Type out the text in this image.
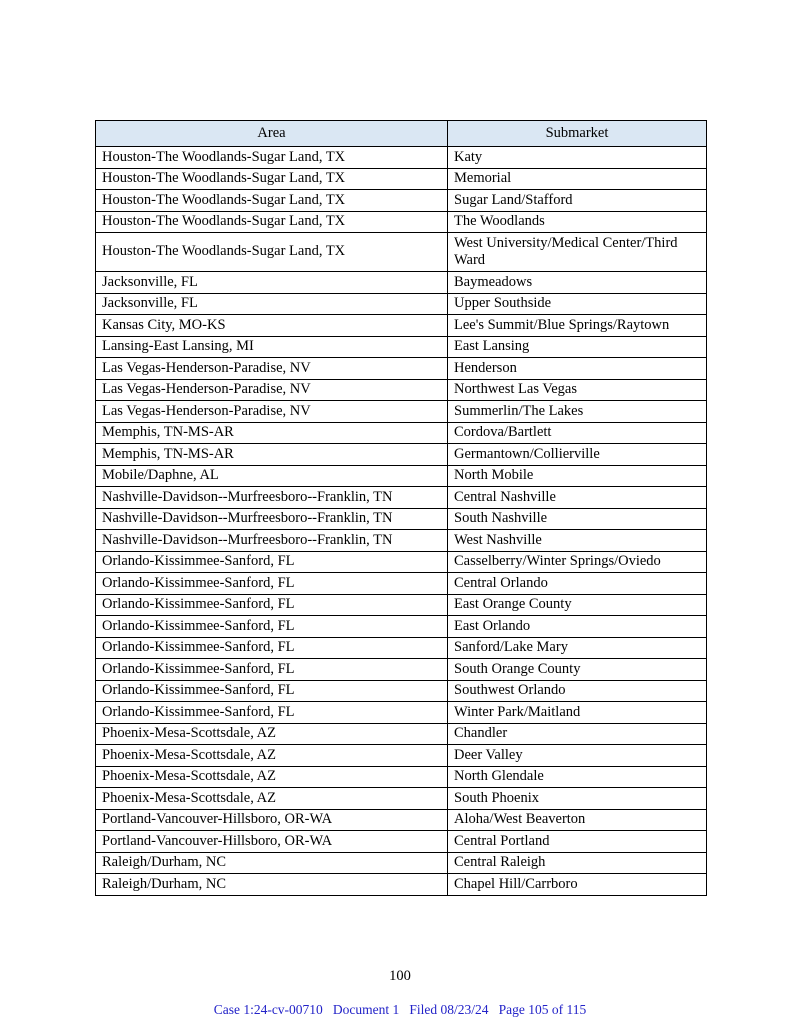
Area	Submarket
Houston-The Woodlands-Sugar Land, TX	Katy
Houston-The Woodlands-Sugar Land, TX	Memorial
Houston-The Woodlands-Sugar Land, TX	Sugar Land/Stafford
Houston-The Woodlands-Sugar Land, TX	The Woodlands
Houston-The Woodlands-Sugar Land, TX	West University/Medical Center/Third Ward
Jacksonville, FL	Baymeadows
Jacksonville, FL	Upper Southside
Kansas City, MO-KS	Lee's Summit/Blue Springs/Raytown
Lansing-East Lansing, MI	East Lansing
Las Vegas-Henderson-Paradise, NV	Henderson
Las Vegas-Henderson-Paradise, NV	Northwest Las Vegas
Las Vegas-Henderson-Paradise, NV	Summerlin/The Lakes
Memphis, TN-MS-AR	Cordova/Bartlett
Memphis, TN-MS-AR	Germantown/Collierville
Mobile/Daphne, AL	North Mobile
Nashville-Davidson--Murfreesboro--Franklin, TN	Central Nashville
Nashville-Davidson--Murfreesboro--Franklin, TN	South Nashville
Nashville-Davidson--Murfreesboro--Franklin, TN	West Nashville
Orlando-Kissimmee-Sanford, FL	Casselberry/Winter Springs/Oviedo
Orlando-Kissimmee-Sanford, FL	Central Orlando
Orlando-Kissimmee-Sanford, FL	East Orange County
Orlando-Kissimmee-Sanford, FL	East Orlando
Orlando-Kissimmee-Sanford, FL	Sanford/Lake Mary
Orlando-Kissimmee-Sanford, FL	South Orange County
Orlando-Kissimmee-Sanford, FL	Southwest Orlando
Orlando-Kissimmee-Sanford, FL	Winter Park/Maitland
Phoenix-Mesa-Scottsdale, AZ	Chandler
Phoenix-Mesa-Scottsdale, AZ	Deer Valley
Phoenix-Mesa-Scottsdale, AZ	North Glendale
Phoenix-Mesa-Scottsdale, AZ	South Phoenix
Portland-Vancouver-Hillsboro, OR-WA	Aloha/West Beaverton
Portland-Vancouver-Hillsboro, OR-WA	Central Portland
Raleigh/Durham, NC	Central Raleigh
Raleigh/Durham, NC	Chapel Hill/Carrboro
100
Case 1:24-cv-00710   Document 1   Filed 08/23/24   Page 105 of 115
